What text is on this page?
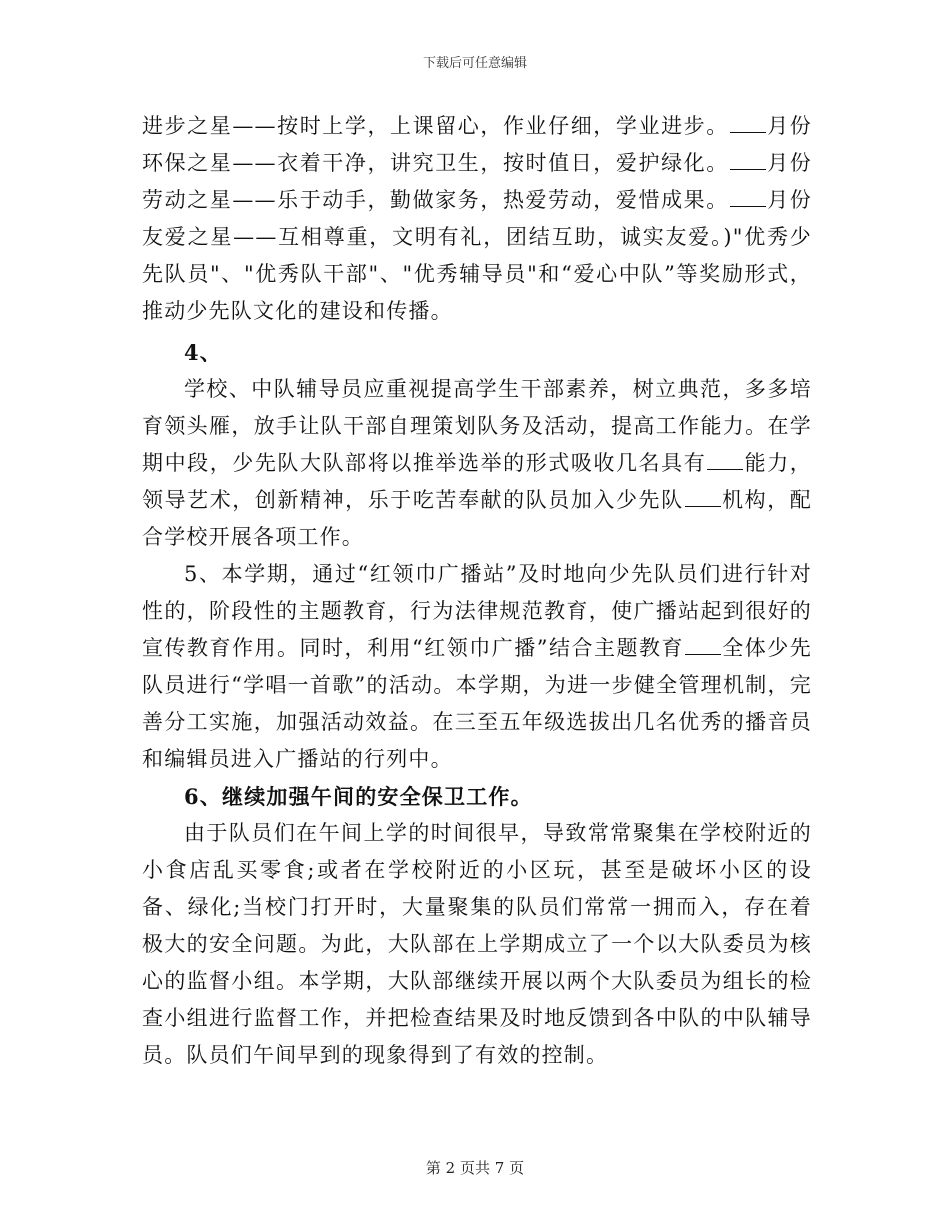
下载后可任意编辑

进步之星——按时上学，上课留心，作业仔细，学业进步。 月份环保之星——衣着干净，讲究卫生，按时值日，爱护绿化。 月份劳动之星——乐于动手，勤做家务，热爱劳动，爱惜成果。 月份友爱之星——互相尊重，文明有礼，团结互助，诚实友爱。)"优秀少先队员"、"优秀队干部"、"优秀辅导员"和“爱心中队”等奖励形式，推动少先队文化的建设和传播。

4、

学校、中队辅导员应重视提高学生干部素养，树立典范，多多培育领头雁，放手让队干部自理策划队务及活动，提高工作能力。在学期中段，少先队大队部将以推举选举的形式吸收几名具有 能力，领导艺术，创新精神，乐于吃苦奉献的队员加入少先队 机构，配合学校开展各项工作。

5、本学期，通过“红领巾广播站”及时地向少先队员们进行针对性的，阶段性的主题教育，行为法律规范教育，使广播站起到很好的宣传教育作用。同时，利用“红领巾广播”结合主题教育 全体少先队员进行“学唱一首歌”的活动。本学期，为进一步健全管理机制，完善分工实施，加强活动效益。在三至五年级选拔出几名优秀的播音员和编辑员进入广播站的行列中。

6、继续加强午间的安全保卫工作。

由于队员们在午间上学的时间很早，导致常常聚集在学校附近的小食店乱买零食;或者在学校附近的小区玩，甚至是破坏小区的设备、绿化;当校门打开时，大量聚集的队员们常常一拥而入，存在着极大的安全问题。为此，大队部在上学期成立了一个以大队委员为核心的监督小组。本学期，大队部继续开展以两个大队委员为组长的检查小组进行监督工作，并把检查结果及时地反馈到各中队的中队辅导员。队员们午间早到的现象得到了有效的控制。

第 2 页共 7 页
